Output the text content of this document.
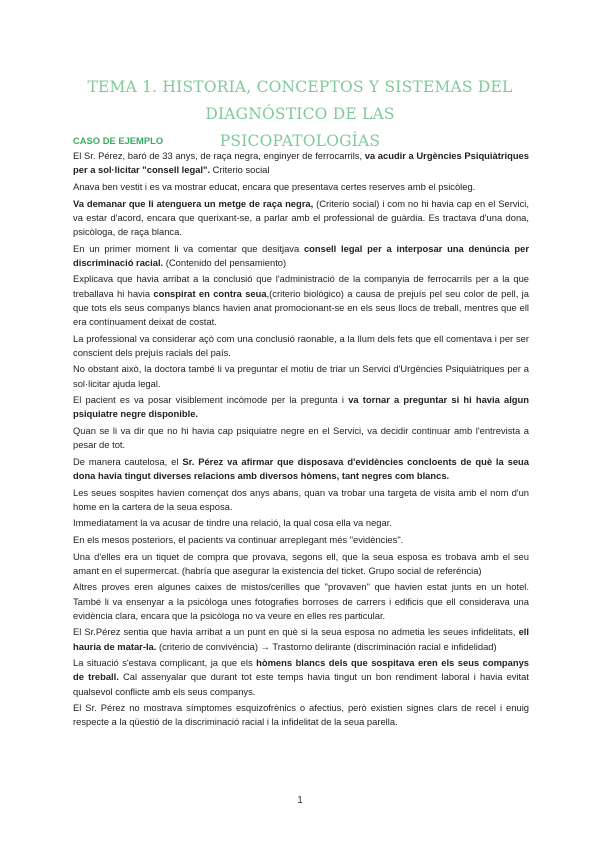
TEMA 1. HISTORIA, CONCEPTOS Y SISTEMAS DEL DIAGNÓSTICO DE LAS
PSICOPATOLOGÍAS
CASO DE EJEMPLO

El Sr. Pérez, baró de 33 anys, de raça negra, enginyer de ferrocarrils, va acudir a Urgències Psiquiàtriques per a sol·licitar "consell legal". Criterio social

Anava ben vestit i es va mostrar educat, encara que presentava certes reserves amb el psicòleg.

Va demanar que li atenguera un metge de raça negra, (Criterio social) i com no hi havia cap en el Servici, va estar d'acord, encara que querixant-se, a parlar amb el professional de guàrdia. Es tractava d'una dona, psicòloga, de raça blanca.

En un primer moment li va comentar que desitjava consell legal per a interposar una denúncia per discriminació racial. (Contenido del pensamiento)

Explicava que havia arribat a la conclusió que l'administració de la companyia de ferrocarrils per a la que treballava hi havia conspirat en contra seua,(criterio biológico) a causa de prejuís pel seu color de pell, ja que tots els seus companys blancs havien anat promocionant-se en els seus llocs de treball, mentres que ell era contínuament deixat de costat.

La professional va considerar açò com una conclusió raonable, a la llum dels fets que ell comentava i per ser conscient dels prejuís racials del país.

No obstant això, la doctora també li va preguntar el motiu de triar un Servici d'Urgències Psiquiàtriques per a sol·licitar ajuda legal.

El pacient es va posar visiblement incòmode per la pregunta i va tornar a preguntar si hi havia algun psiquiatre negre disponible.

Quan se li va dir que no hi havia cap psiquiatre negre en el Servici, va decidir continuar amb l'entrevista a pesar de tot.

De manera cautelosa, el Sr. Pérez va afirmar que disposava d'evidències concloents de què la seua dona havia tingut diverses relacions amb diversos hòmens, tant negres com blancs.

Les seues sospites havien començat dos anys abans, quan va trobar una targeta de visita amb el nom d'un home en la cartera de la seua esposa.

Immediatament la va acusar de tindre una relació, la qual cosa ella va negar.

En els mesos posteriors, el pacients va continuar arreplegant més "evidències".

Una d'elles era un tiquet de compra que provava, segons ell, que la seua esposa es trobava amb el seu amant en el supermercat. (habría que asegurar la existencia del ticket. Grupo social de referéncia)

Altres proves eren algunes caixes de mistos/cerilles que "provaven" que havien estat junts en un hotel. També li va ensenyar a la psicòloga unes fotografies borroses de carrers i edificis que ell considerava una evidència clara, encara que la psicòloga no va veure en elles res particular.

El Sr.Pérez sentia que havia arribat a un punt en què si la seua esposa no admetia les seues infidelitats, ell hauria de matar-la. (criterio de convivéncia) → Trastorno delirante (discriminación racial e infidelidad)

La situació s'estava complicant, ja que els hòmens blancs dels que sospitava eren els seus companys de treball. Cal assenyalar que durant tot este temps havia tingut un bon rendiment laboral i havia evitat qualsevol conflicte amb els seus companys.

El Sr. Pérez no mostrava símptomes esquizofrènics o afectius, però existien signes clars de recel i enuig respecte a la qüestió de la discriminació racial i la infidelitat de la seua parella.

1
